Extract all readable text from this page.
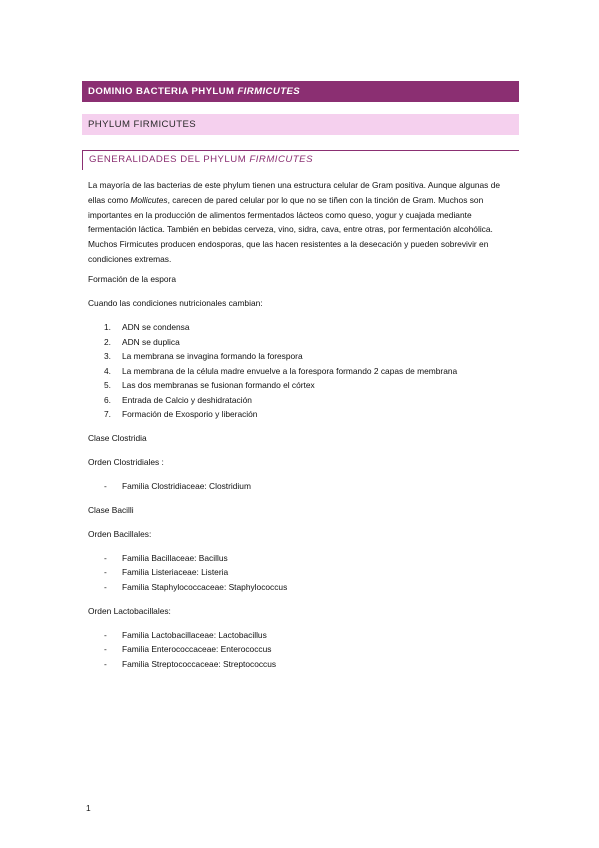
DOMINIO BACTERIA PHYLUM FIRMICUTES
PHYLUM FIRMICUTES
GENERALIDADES DEL PHYLUM FIRMICUTES

La mayoría de las bacterias de este phylum tienen una estructura celular de Gram positiva. Aunque algunas de ellas como Mollicutes, carecen de pared celular por lo que no se tiñen con la tinción de Gram. Muchos son importantes en la producción de alimentos fermentados lácteos como queso, yogur y cuajada mediante fermentación láctica. También en bebidas cerveza, vino, sidra, cava, entre otras, por fermentación alcohólica. Muchos Firmicutes producen endosporas, que las hacen resistentes a la desecación y pueden sobrevivir en condiciones extremas.

Formación de la espora
Cuando las condiciones nutricionales cambian:
1. ADN se condensa
2. ADN se duplica
3. La membrana se invagina formando la forespora
4. La membrana de la célula madre envuelve a la forespora formando 2 capas de membrana
5. Las dos membranas se fusionan formando el córtex
6. Entrada de Calcio y deshidratación
7. Formación de Exosporio y liberación
Clase Clostridia
Orden Clostridiales :
- Familia Clostridiaceae: Clostridium
Clase Bacilli
Orden Bacillales:
- Familia Bacillaceae: Bacillus
- Familia Listeriaceae: Listeria
- Familia Staphylococcaceae: Staphylococcus
Orden Lactobacillales:
- Familia Lactobacillaceae: Lactobacillus
- Familia Enterococcaceae: Enterococcus
- Familia Streptococcaceae: Streptococcus
1
